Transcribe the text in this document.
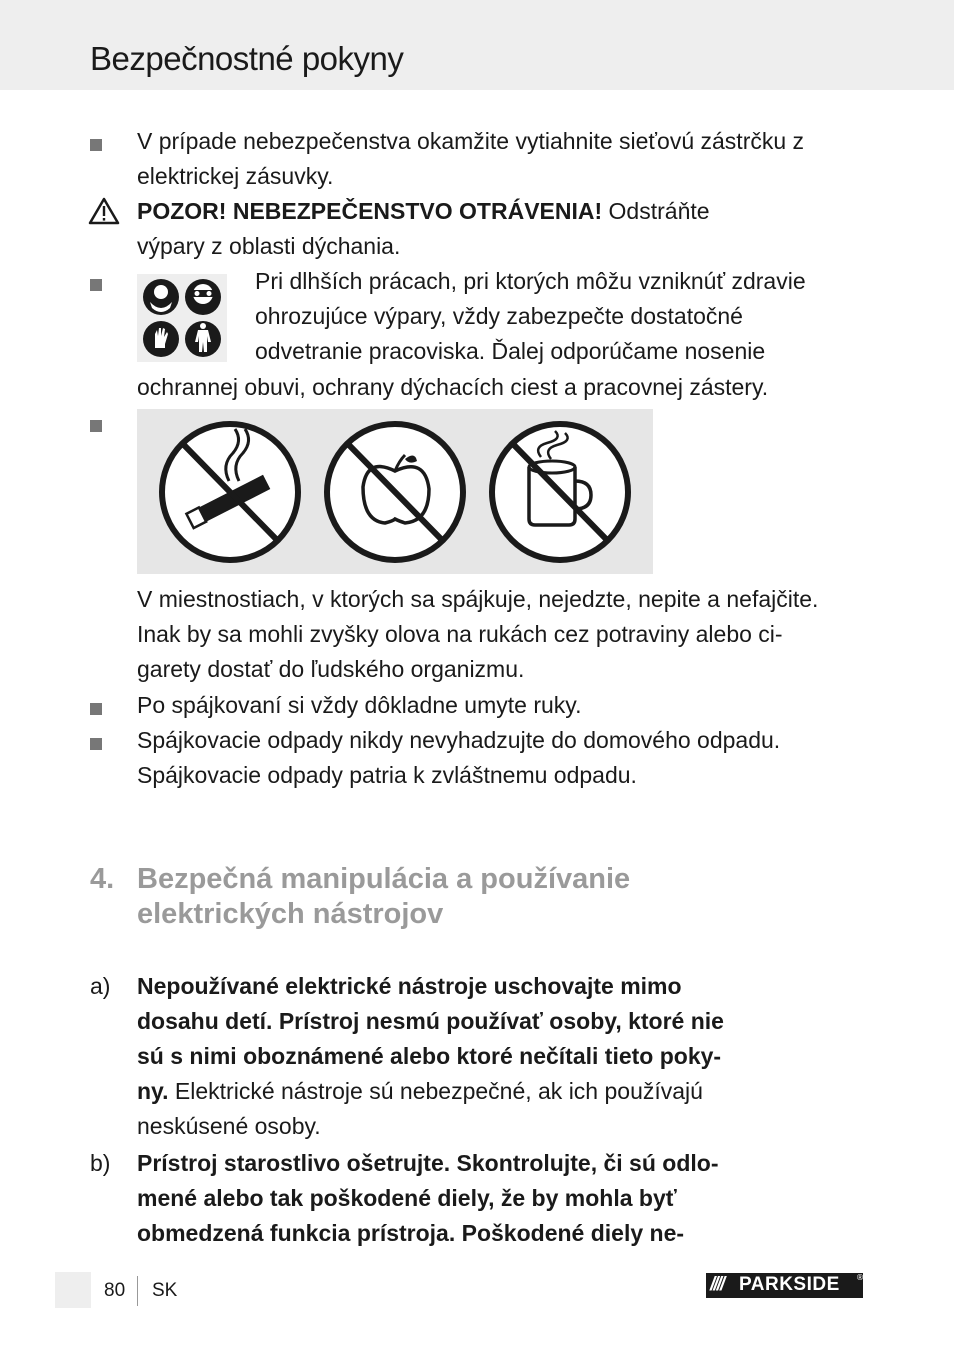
Bezpečnostné pokyny
V prípade nebezpečenstva okamžite vytiahnite sieťovú zástrčku z
elektrickej zásuvky.
POZOR! NEBEZPEČENSTVO OTRÁVENIA! Odstráňte
výpary z oblasti dýchania.
Pri dlhších prácach, pri ktorých môžu vzniknúť zdravie
ohrozujúce výpary, vždy zabezpečte dostatočné
odvetranie pracoviska. Ďalej odporúčame nosenie
ochrannej obuvi, ochrany dýchacích ciest a pracovnej zástery.
V miestnostiach, v ktorých sa spájkuje, nejedzte, nepite a nefajčite.
Inak by sa mohli zvyšky olova na rukách cez potraviny alebo ci-
garety dostať do ľudského organizmu.
Po spájkovaní si vždy dôkladne umyte ruky.
Spájkovacie odpady nikdy nevyhadzujte do domového odpadu.
Spájkovacie odpady patria k zvláštnemu odpadu.
4. Bezpečná manipulácia a používanie
elektrických nástrojov
a) Nepoužívané elektrické nástroje uschovajte mimo
dosahu detí. Prístroj nesmú používať osoby, ktoré nie
sú s nimi oboznámené alebo ktoré nečítali tieto poky-
ny. Elektrické nástroje sú nebezpečné, ak ich používajú
neskúsené osoby.
b) Prístroj starostlivo ošetrujte. Skontrolujte, či sú odlo-
mené alebo tak poškodené diely, že by mohla byť
obmedzená funkcia prístroja. Poškodené diely ne-
80 SK	//// PARKSIDE ®
